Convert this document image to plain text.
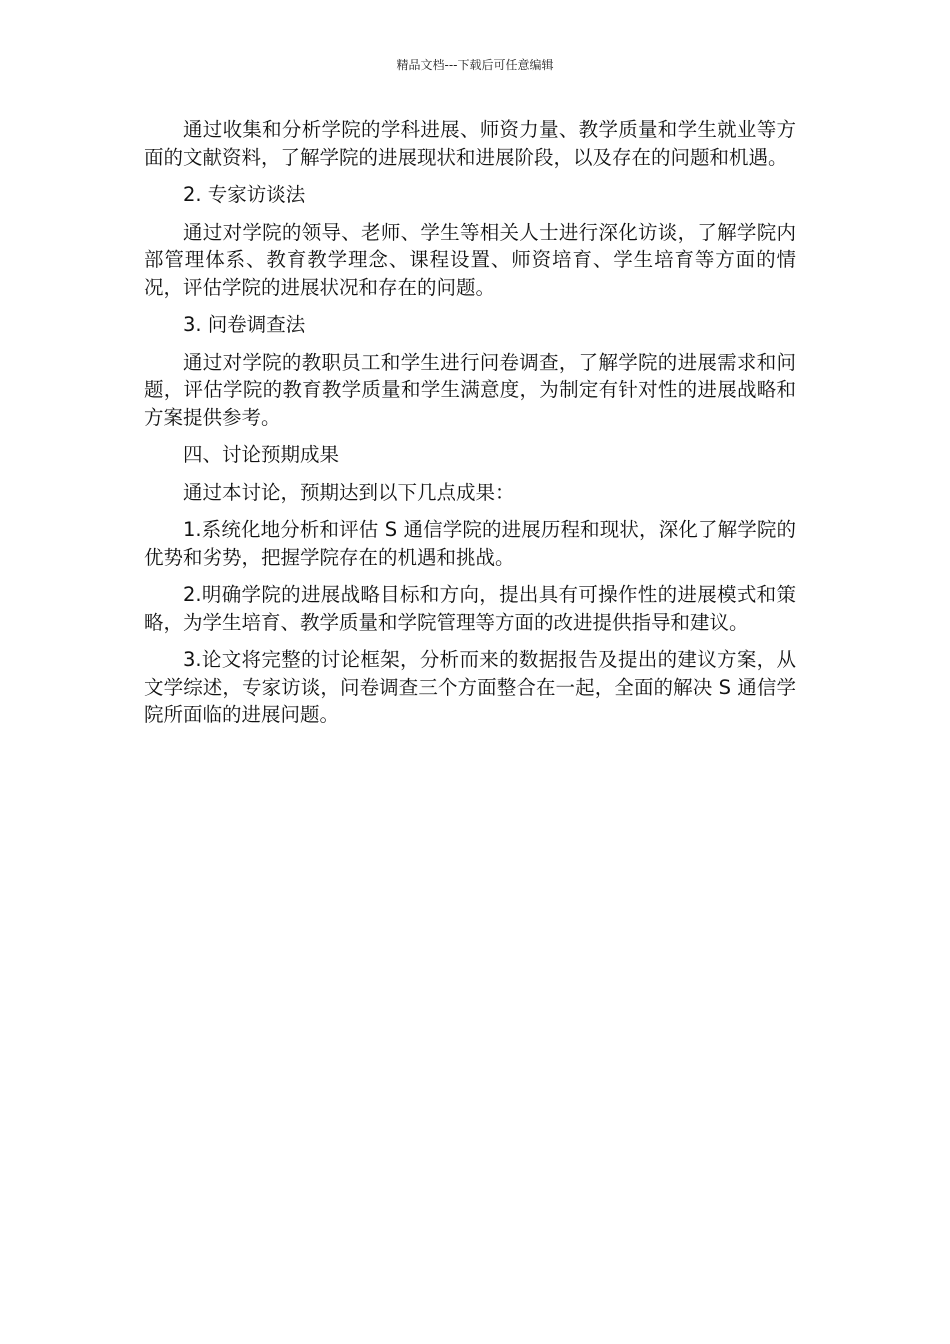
精品文档---下载后可任意编辑

通过收集和分析学院的学科进展、师资力量、教学质量和学生就业等方面的文献资料，了解学院的进展现状和进展阶段，以及存在的问题和机遇。

2. 专家访谈法

通过对学院的领导、老师、学生等相关人士进行深化访谈，了解学院内部管理体系、教育教学理念、课程设置、师资培育、学生培育等方面的情况，评估学院的进展状况和存在的问题。

3. 问卷调查法

通过对学院的教职员工和学生进行问卷调查，了解学院的进展需求和问题，评估学院的教育教学质量和学生满意度，为制定有针对性的进展战略和方案提供参考。

四、讨论预期成果

通过本讨论，预期达到以下几点成果：

1.系统化地分析和评估 S 通信学院的进展历程和现状，深化了解学院的优势和劣势，把握学院存在的机遇和挑战。

2.明确学院的进展战略目标和方向，提出具有可操作性的进展模式和策略，为学生培育、教学质量和学院管理等方面的改进提供指导和建议。

3.论文将完整的讨论框架，分析而来的数据报告及提出的建议方案，从文学综述，专家访谈，问卷调查三个方面整合在一起，全面的解决 S 通信学院所面临的进展问题。
